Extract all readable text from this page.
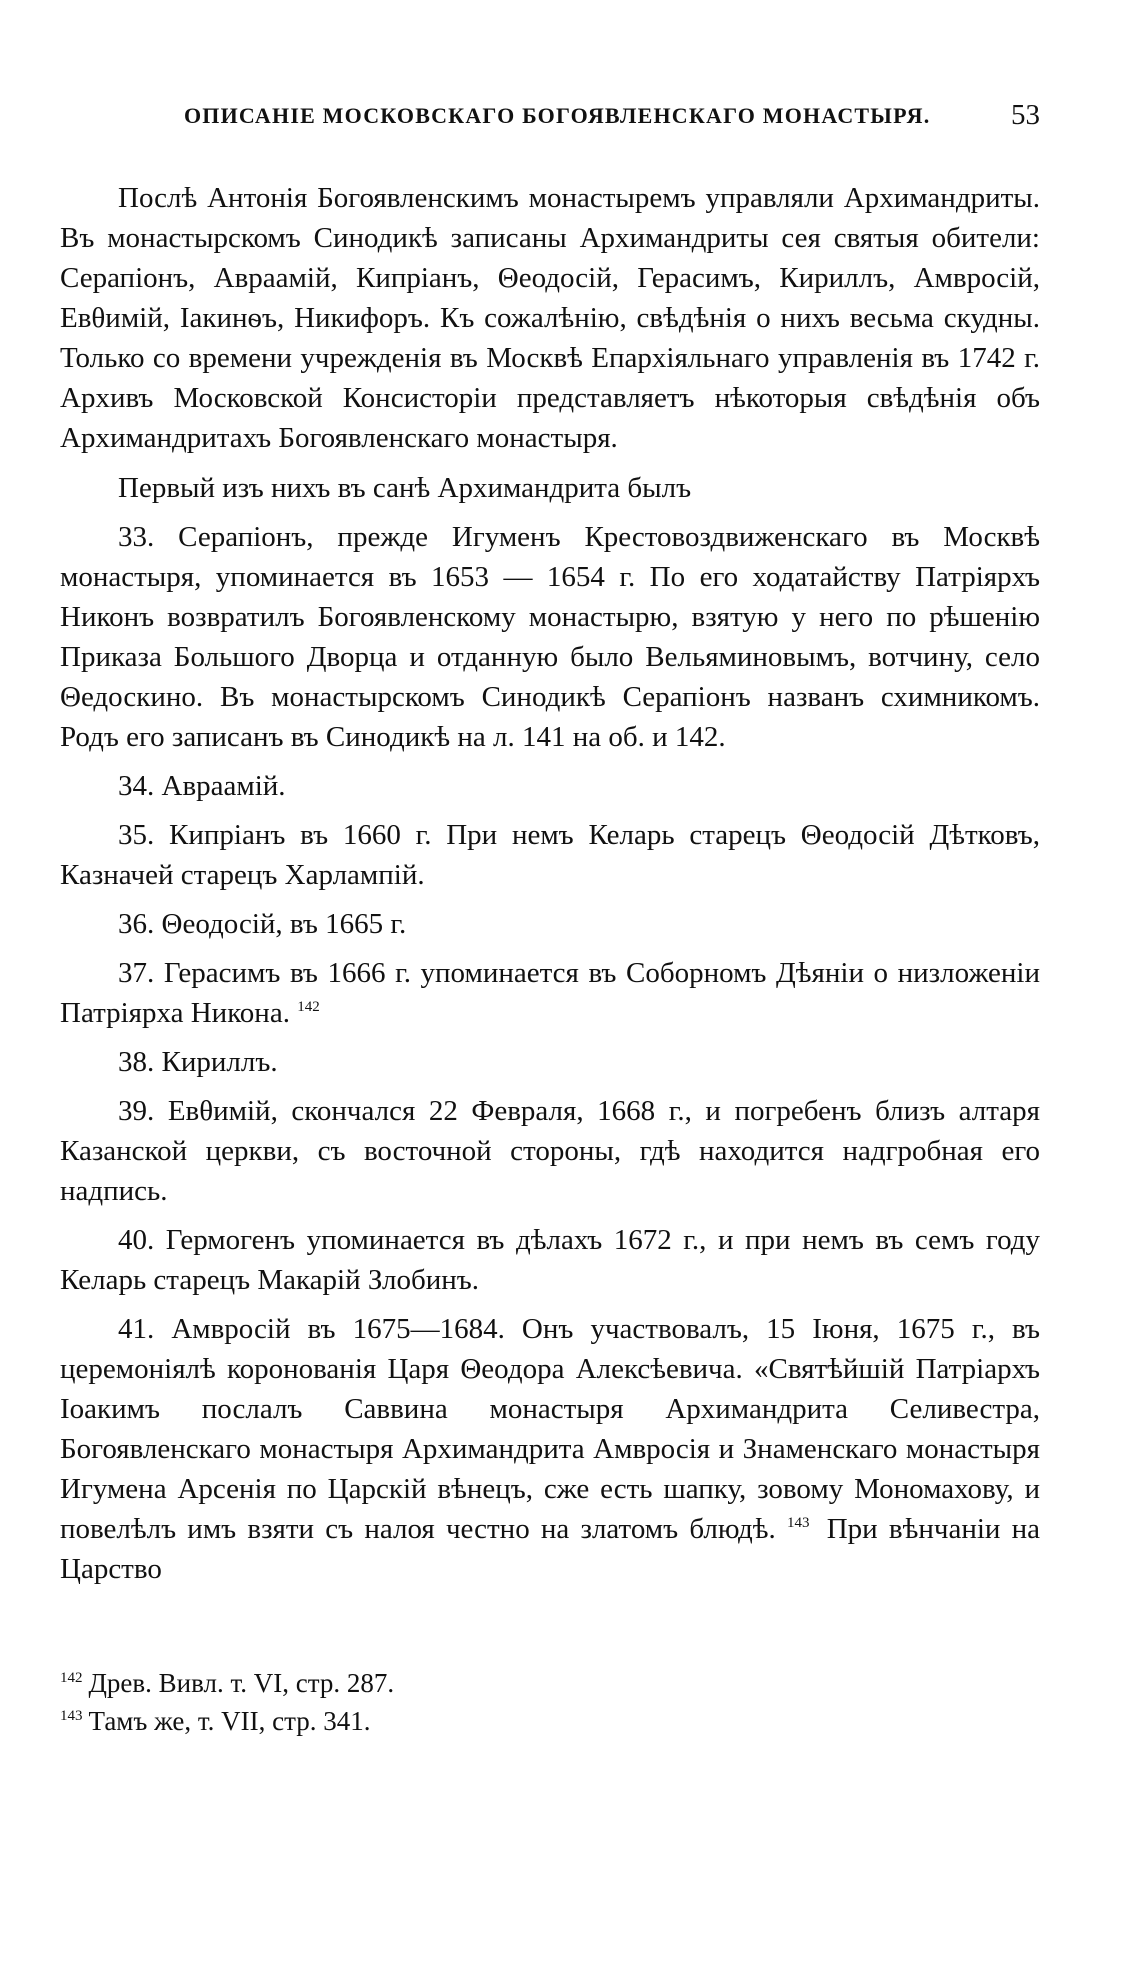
ОПИСАНІЕ МОСКОВСКАГО БОГОЯВЛЕНСКАГО МОНАСТЫРЯ.	53

Послѣ Антонія Богоявленскимъ монастыремъ управляли Архимандриты. Въ монастырскомъ Синодикѣ записаны Архимандриты сея святыя обители: Серапіонъ, Авраамій, Кипріанъ, Θеодосій, Герасимъ, Кириллъ, Амвросій, Евθимій, Іакинѳъ, Никифоръ. Къ сожалѣнію, свѣдѣнія о нихъ весьма скудны. Только со времени учрежденія въ Москвѣ Епархіяльнаго управленія въ 1742 г. Архивъ Московской Консисторіи представляетъ нѣкоторыя свѣдѣнія объ Архимандритахъ Богоявленскаго монастыря.

Первый изъ нихъ въ санѣ Архимандрита былъ

33. Серапіонъ, прежде Игуменъ Крестовоздвиженскаго въ Москвѣ монастыря, упоминается въ 1653 — 1654 г. По его ходатайству Патріярхъ Никонъ возвратилъ Богоявленскому монастырю, взятую у него по рѣшенію Приказа Большого Дворца и отданную было Вельяминовымъ, вотчину, село Θедоскино. Въ монастырскомъ Синодикѣ Серапіонъ названъ схимникомъ. Родъ его записанъ въ Синодикѣ на л. 141 на об. и 142.

34. Авраамій.

35. Кипріанъ въ 1660 г. При немъ Келарь старецъ Θеодосій Дѣтковъ, Казначей старецъ Харлампій.

36. Θеодосій, въ 1665 г.

37. Герасимъ въ 1666 г. упоминается въ Соборномъ Дѣяніи о низложеніи Патріярха Никона. $^{142}$

38. Кириллъ.

39. Евθимій, скончался 22 Февраля, 1668 г., и погребенъ близъ алтаря Казанской церкви, съ восточной стороны, гдѣ находится надгробная его надпись.

40. Гермогенъ упоминается въ дѣлахъ 1672 г., и при немъ въ семъ году Келарь старецъ Макарій Злобинъ.

41. Амвросій въ 1675—1684. Онъ участвовалъ, 15 Іюня, 1675 г., въ церемоніялѣ коронованія Царя Θеодора Алексѣевича. «Святѣйшій Патріархъ Іоакимъ послалъ Саввина монастыря Архимандрита Селивестра, Богоявленскаго монастыря Архимандрита Амвросія и Знаменскаго монастыря Игумена Арсенія по Царскій вѣнецъ, сже есть шапку, зовому Мономахову, и повелѣлъ имъ взяти съ налоя честно на златомъ блюдѣ. $^{143}$ При вѣнчаніи на Царство

$^{142}$ Древ. Вивл. т. VI, стр. 287.

$^{143}$ Тамъ же, т. VII, стр. 341.
